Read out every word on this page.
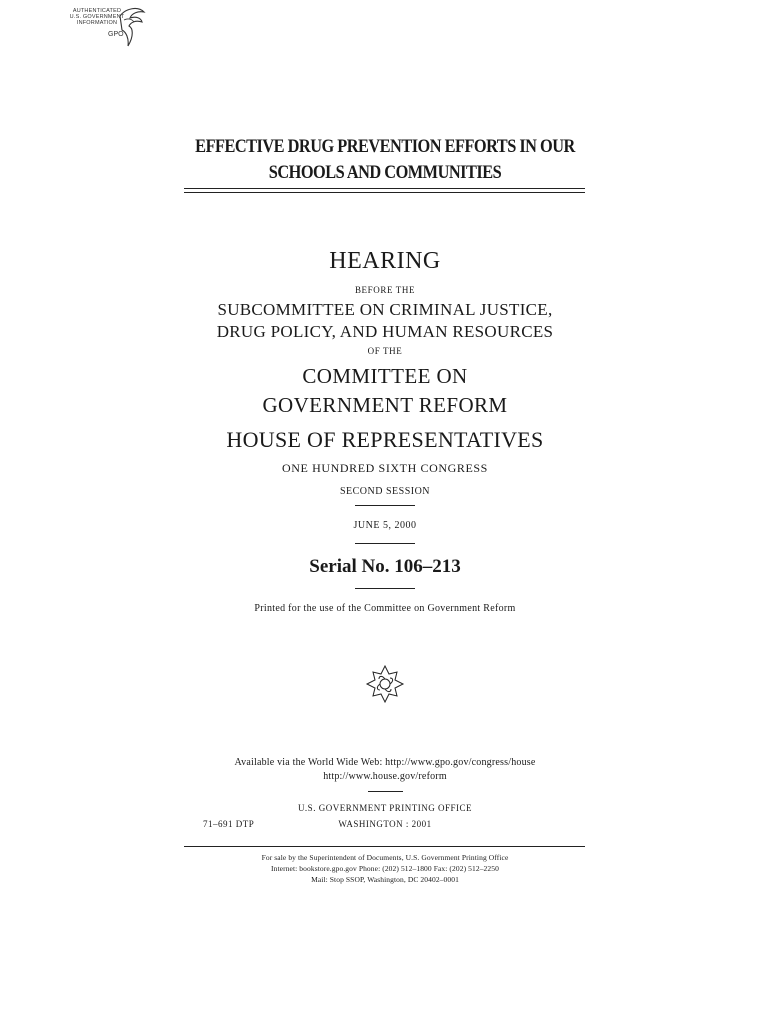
AUTHENTICATED
U.S. GOVERNMENT
INFORMATION
GPO
EFFECTIVE DRUG PREVENTION EFFORTS IN OUR
SCHOOLS AND COMMUNITIES
HEARING
BEFORE THE
SUBCOMMITTEE ON CRIMINAL JUSTICE,
DRUG POLICY, AND HUMAN RESOURCES
OF THE
COMMITTEE ON
GOVERNMENT REFORM
HOUSE OF REPRESENTATIVES
ONE HUNDRED SIXTH CONGRESS
SECOND SESSION
JUNE 5, 2000
Serial No. 106–213
Printed for the use of the Committee on Government Reform
Available via the World Wide Web: http://www.gpo.gov/congress/house
http://www.house.gov/reform
U.S. GOVERNMENT PRINTING OFFICE
71–691 DTP	WASHINGTON : 2001
For sale by the Superintendent of Documents, U.S. Government Printing Office
Internet: bookstore.gpo.gov Phone: (202) 512–1800 Fax: (202) 512–2250
Mail: Stop SSOP, Washington, DC 20402–0001
